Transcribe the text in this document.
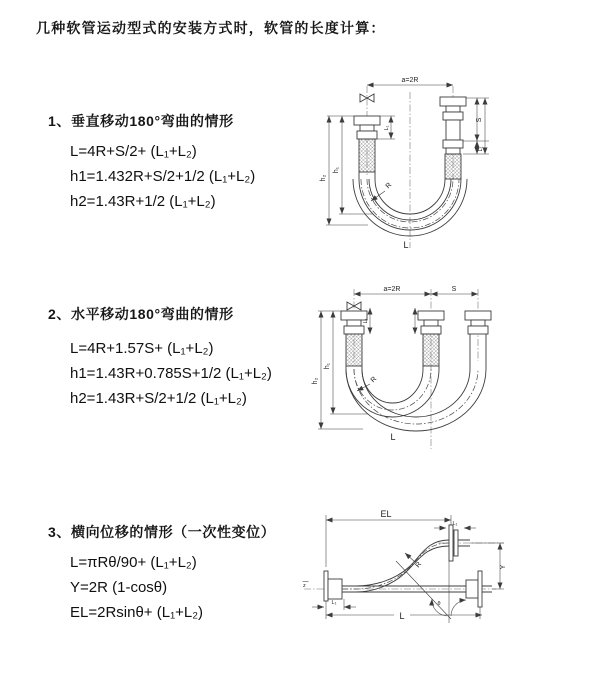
几种软管运动型式的安装方式时，软管的长度计算：
1、垂直移动180°弯曲的情形
L=4R+S/2+ (L₁+L₂)
h1=1.432R+S/2+1/2 (L₁+L₂)
h2=1.43R+1/2 (L₁+L₂)
2、水平移动180°弯曲的情形
L=4R+1.57S+ (L₁+L₂)
h1=1.43R+0.785S+1/2 (L₁+L₂)
h2=1.43R+S/2+1/2 (L₁+L₂)
3、横向位移的情形（一次性变位）
L=πRθ/90+ (L₁+L₂)
Y=2R (1-cosθ)
EL=2Rsinθ+ (L₁+L₂)
a=2R
h₁
h₂
L₁
S
L₁
R
L
a=2R	S
h₁
h₂
L₁
R
L
z
θ
R
EL
L₁
Y
L₁
L
